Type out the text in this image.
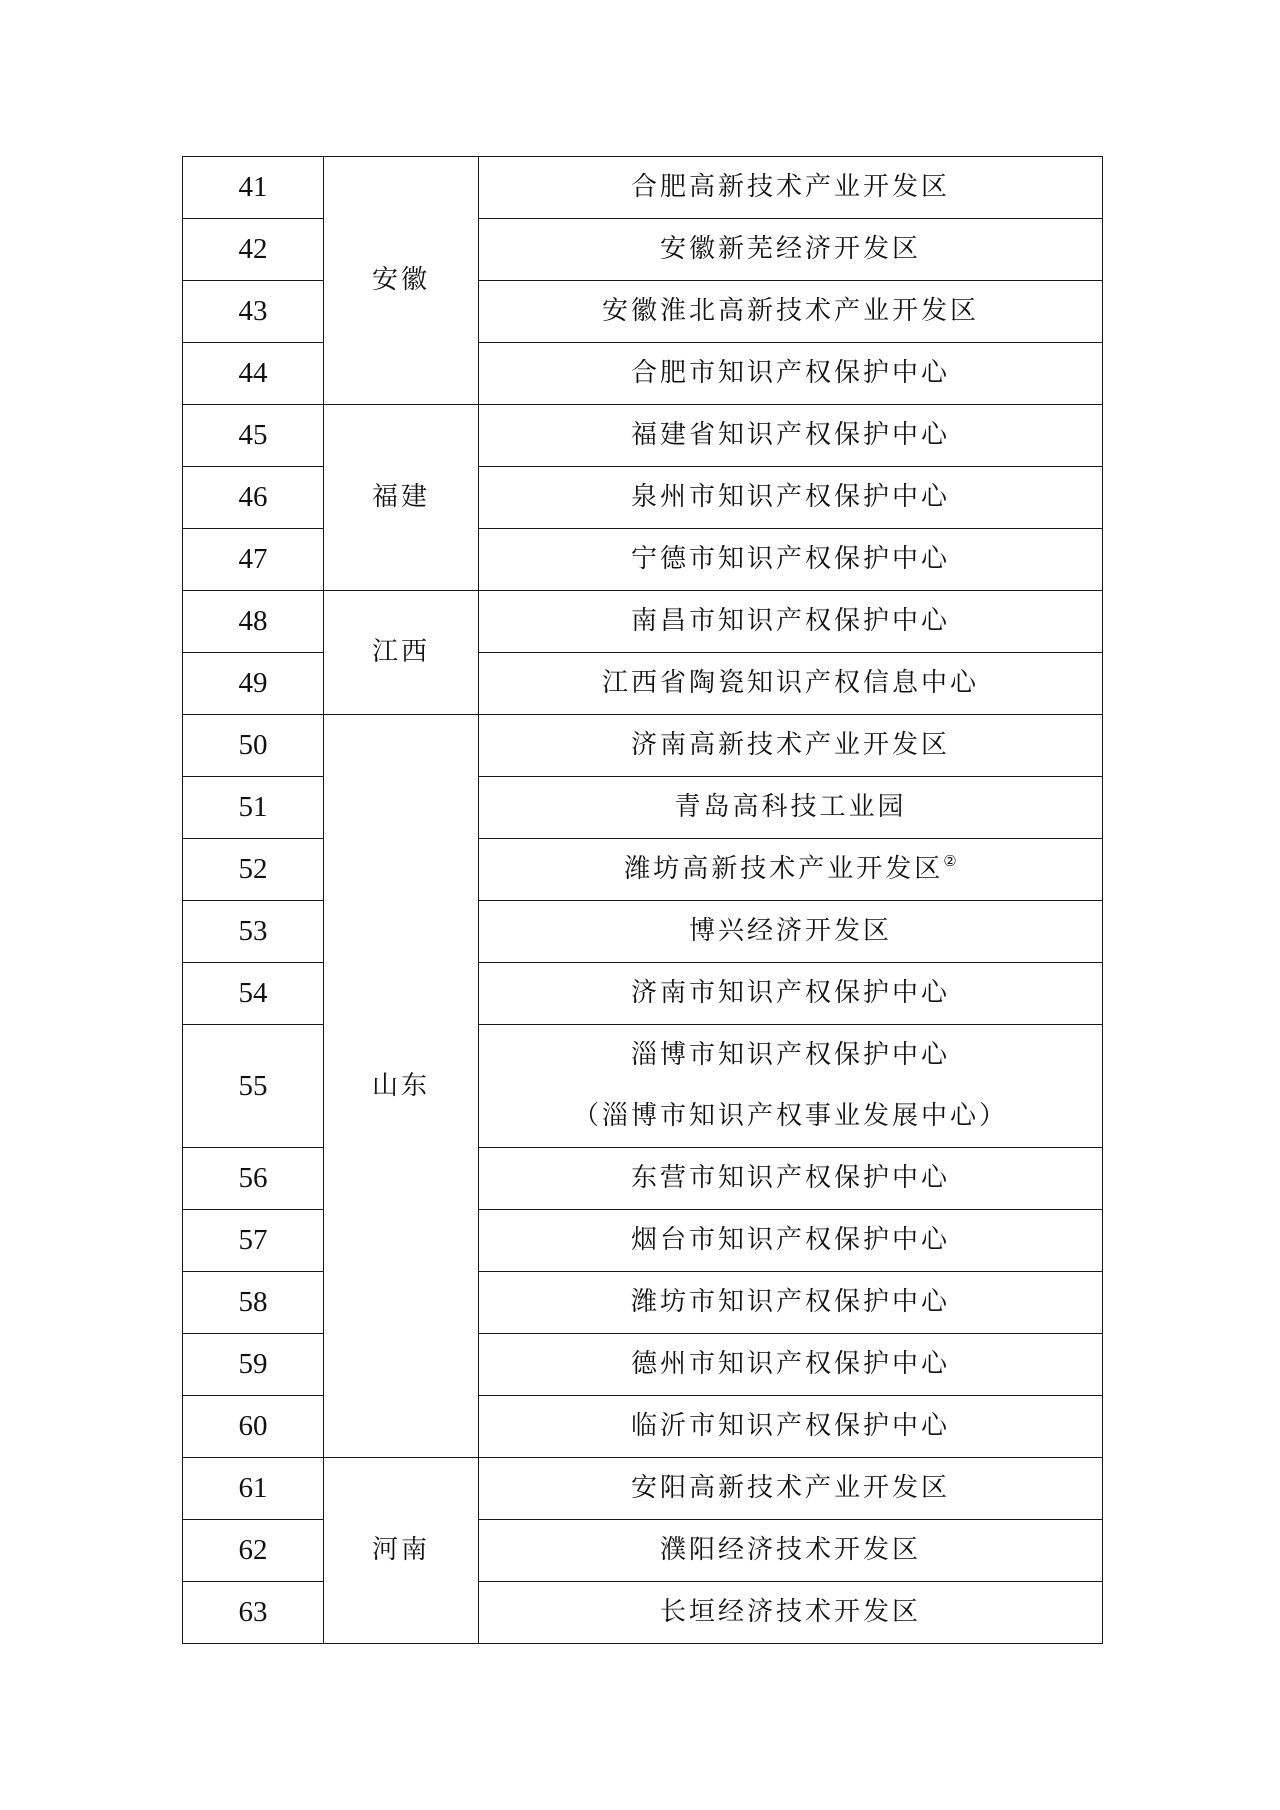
41	安徽	合肥高新技术产业开发区
42		安徽新芜经济开发区
43		安徽淮北高新技术产业开发区
44		合肥市知识产权保护中心
45	福建	福建省知识产权保护中心
46		泉州市知识产权保护中心
47		宁德市知识产权保护中心
48	江西	南昌市知识产权保护中心
49		江西省陶瓷知识产权信息中心
50	山东	济南高新技术产业开发区
51		青岛高科技工业园
52		潍坊高新技术产业开发区②
53		博兴经济开发区
54		济南市知识产权保护中心
55		淄博市知识产权保护中心
（淄博市知识产权事业发展中心）

56		东营市知识产权保护中心
57		烟台市知识产权保护中心
58		潍坊市知识产权保护中心
59		德州市知识产权保护中心
60		临沂市知识产权保护中心
61	河南	安阳高新技术产业开发区
62		濮阳经济技术开发区
63		长垣经济技术开发区
